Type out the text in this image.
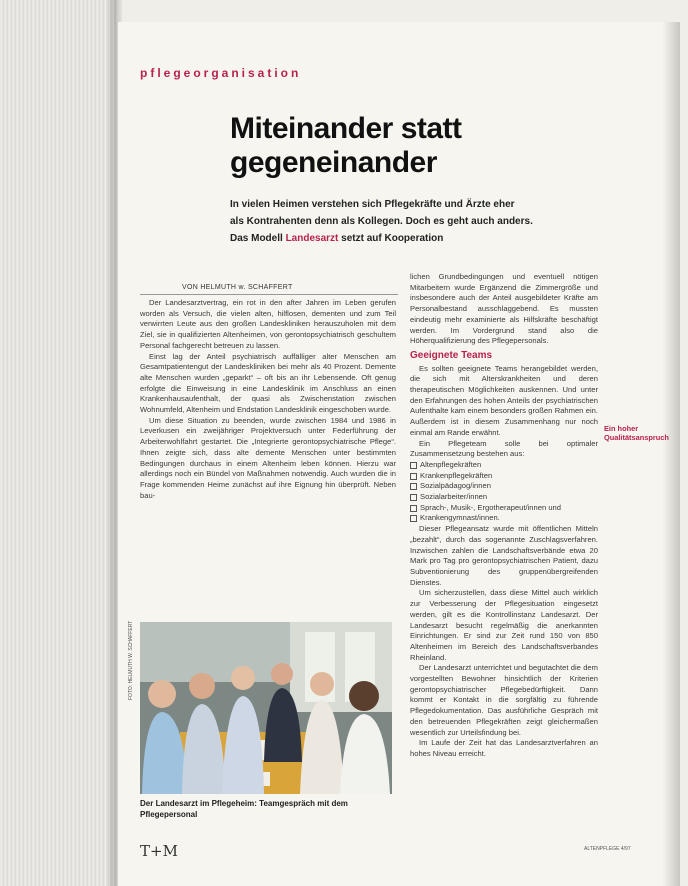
pflegeorganisation
Miteinander statt gegeneinander
In vielen Heimen verstehen sich Pflegekräfte und Ärzte eher
als Kontrahenten denn als Kollegen. Doch es geht auch anders.
Das Modell Landesarzt setzt auf Kooperation
VON HELMUTH w. SCHAFFERT

Der Landesarztvertrag, ein rot in den after Jahren im Leben gerufen worden als Versuch, die vielen alten, hilflosen, dementen und zum Teil verwirrten Leute aus den großen Landeskliniken herauszuholen mit dem Ziel, sie in qualifizierten Altenheimen, von gerontopsychiatrisch geschultem Personal fachgerecht betreuen zu lassen.

Einst lag der Anteil psychiatrisch auffälliger alter Menschen am Gesamtpatientengut der Landeskliniken bei mehr als 40 Prozent. Demente alte Menschen wurden „geparkt“ – oft bis an ihr Lebensende. Oft genug erfolgte die Einweisung in eine Landesklinik im Anschluss an einen Krankenhausaufenthalt, der quasi als Zwischenstation zwischen Wohnumfeld, Altenheim und Endstation Landesklinik eingeschoben wurde.

Um diese Situation zu beenden, wurde zwischen 1984 und 1986 in Leverkusen ein zweijähriger Projektversuch unter Federführung der Arbeiterwohlfahrt gestartet. Die „Integrierte gerontopsychiatrische Pflege“. Ihnen zeigte sich, dass alte demente Menschen unter bestimmten Bedingungen durchaus in einem Altenheim leben können. Hierzu war allerdings noch ein Bündel von Maßnahmen notwendig. Auch wurden die in Frage kommenden Heime zunächst auf ihre Eignung hin überprüft. Neben bau-

lichen Grundbedingungen und eventuell nötigen Mitarbeitern wurde Ergänzend die Zimmergröße und insbesondere auch der Anteil ausgebildeter Kräfte am Personalbestand ausschlaggebend. Es mussten eindeutig mehr examinierte als Hilfskräfte beschäftigt werden. Im Vordergrund stand also die Höherqualifizierung des Pflegepersonals.
Geeignete Teams

Es sollten geeignete Teams herangebildet werden, die sich mit Alterskrankheiten und deren therapeutischen Möglichkeiten auskennen. Und unter den Erfahrungen des hohen Anteils der psychiatrischen Aufenthalte kam einem besonders großen Rahmen ein. Außerdem ist in diesem Zusammenhang nur noch einmal am Rande erwähnt.

Ein Pflegeteam solle bei optimaler Zusammensetzung bestehen aus:

Altenpflegekräften
Krankenpflegekräften
Sozialpädagog/innen
Sozialarbeiter/innen
Sprach-, Musik-, Ergotherapeut/innen und
Krankengymnast/innen.

Dieser Pflegeansatz wurde mit öffentlichen Mitteln „bezahlt“, durch das sogenannte Zuschlagsverfahren. Inzwischen zahlen die Landschaftsverbände etwa 20 Mark pro Tag pro gerontopsychiatrischen Patient, dazu Subventionierung des gruppenübergreifenden Dienstes.

Um sicherzustellen, dass diese Mittel auch wirklich zur Verbesserung der Pflegesituation eingesetzt werden, gilt es die Kontrollinstanz Landesarzt. Der Landesarzt besucht regelmäßig die anerkannten Einrichtungen. Er sind zur Zeit rund 150 von 850 Altenheimen im Bereich des Landschaftsverbandes Rheinland.

Der Landesarzt unterrichtet und begutachtet die dem vorgestellten Bewohner hinsichtlich der Kriterien gerontopsychiatrischer Pflegebedürftigkeit. Dann kommt er Kontakt in die sorgfältig zu führende Pflegedokumentation. Das ausführliche Gespräch mit den betreuenden Pflegekräften zeigt gleichermaßen wesentlich zur Urteilsfindung bei.

Im Laufe der Zeit hat das Landesarztverfahren an hohes Niveau erreicht.

Ein hoher Qualitätsanspruch
FOTO: HELMUTH W. SCHAFFERT
Der Landesarzt im Pflegeheim: Teamgespräch mit dem Pflegepersonal
T+M	ALTENPFLEGE 4/97
